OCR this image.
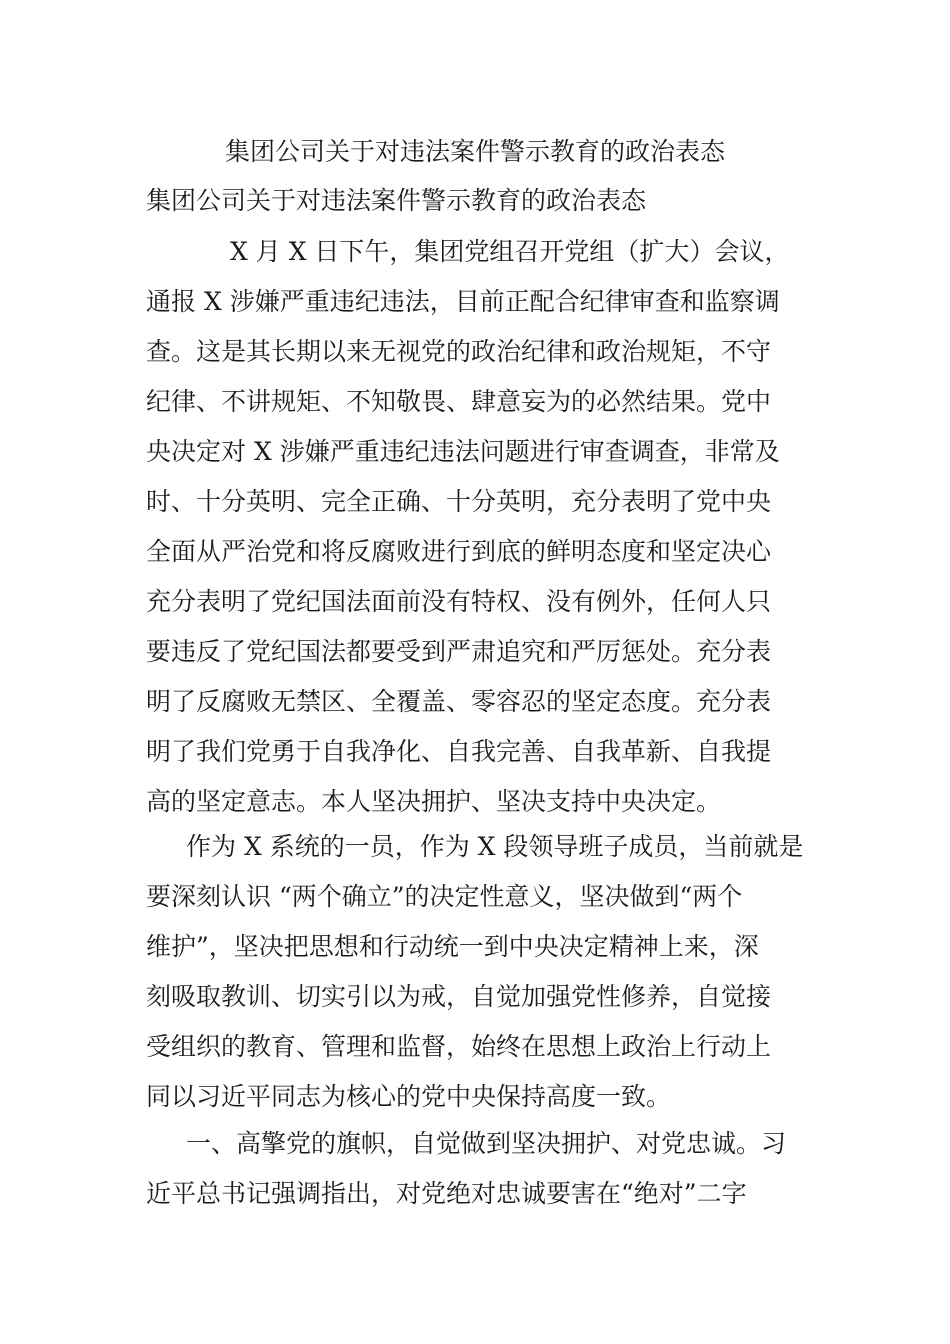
集团公司关于对违法案件警示教育的政治表态
集团公司关于对违法案件警示教育的政治表态
X 月 X 日下午，集团党组召开党组（扩大）会议，
通报 X 涉嫌严重违纪违法，目前正配合纪律审查和监察调
查。这是其长期以来无视党的政治纪律和政治规矩，不守
纪律、不讲规矩、不知敬畏、肆意妄为的必然结果。党中
央决定对 X 涉嫌严重违纪违法问题进行审查调查，非常及
时、十分英明、完全正确、十分英明，充分表明了党中央
全面从严治党和将反腐败进行到底的鲜明态度和坚定决心
充分表明了党纪国法面前没有特权、没有例外，任何人只
要违反了党纪国法都要受到严肃追究和严厉惩处。充分表
明了反腐败无禁区、全覆盖、零容忍的坚定态度。充分表
明了我们党勇于自我净化、自我完善、自我革新、自我提
高的坚定意志。本人坚决拥护、坚决支持中央决定。
作为 X 系统的一员，作为 X 段领导班子成员，当前就是
要深刻认识 “两个确立”的决定性意义，坚决做到“两个
维护”，坚决把思想和行动统一到中央决定精神上来，深
刻吸取教训、切实引以为戒，自觉加强党性修养，自觉接
受组织的教育、管理和监督，始终在思想上政治上行动上
同以习近平同志为核心的党中央保持高度一致。
一、高擎党的旗帜，自觉做到坚决拥护、对党忠诚。习
近平总书记强调指出，对党绝对忠诚要害在“绝对”二字
